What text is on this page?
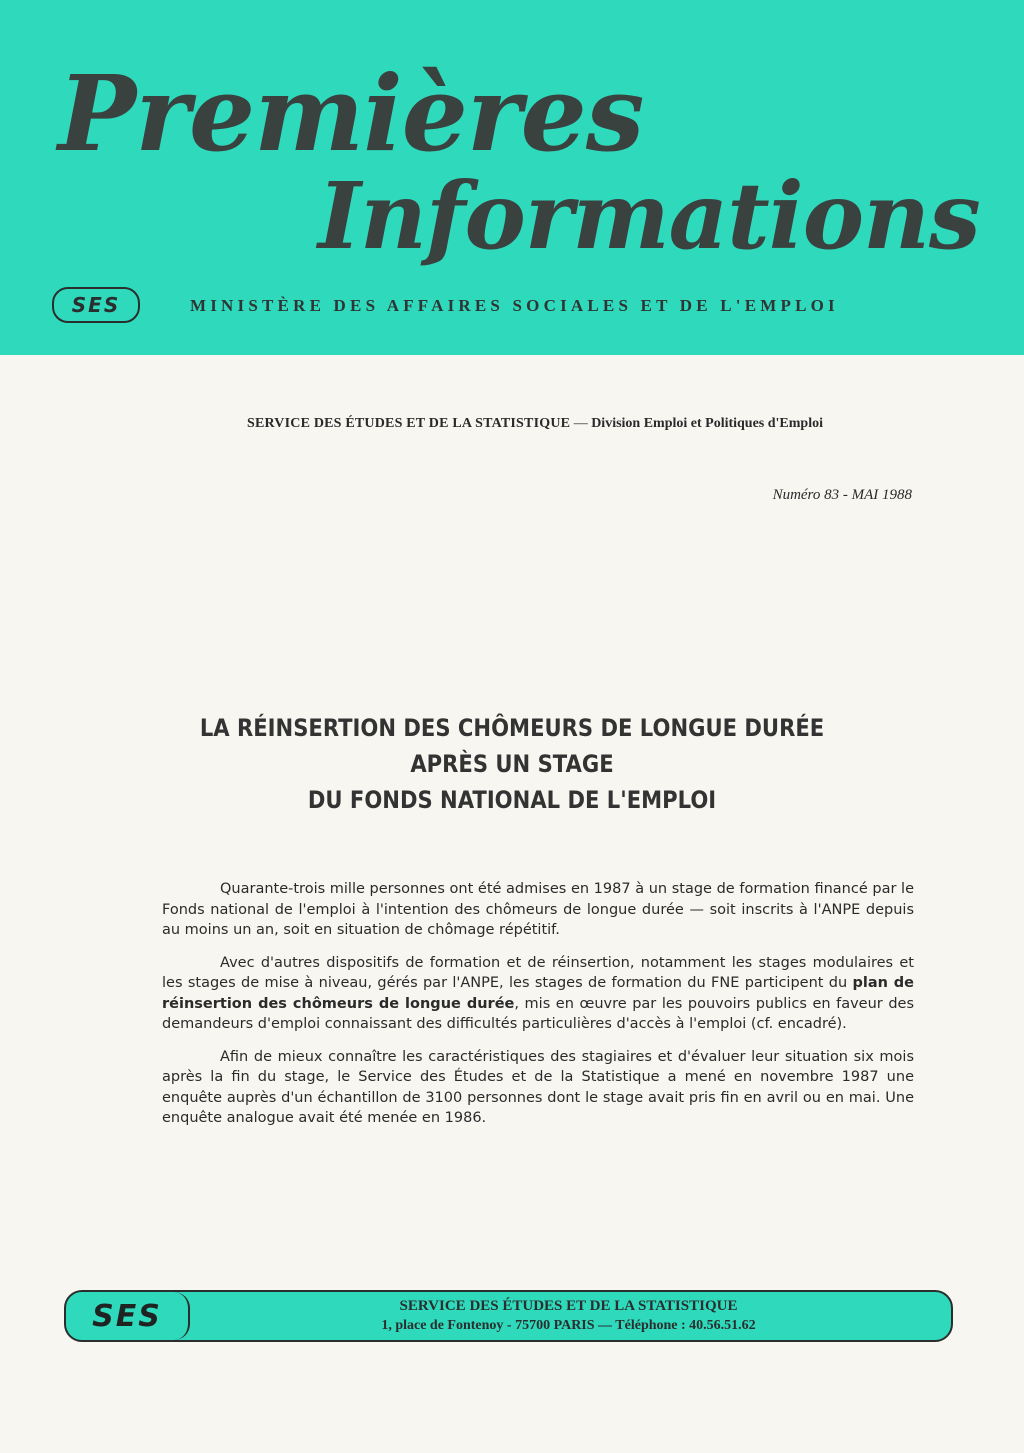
Premières
Informations
SES	MINISTÈRE DES AFFAIRES SOCIALES ET DE L'EMPLOI
SERVICE DES ÉTUDES ET DE LA STATISTIQUE — Division Emploi et Politiques d'Emploi
Numéro 83 - MAI 1988
LA RÉINSERTION DES CHÔMEURS DE LONGUE DURÉE
APRÈS UN STAGE
DU FONDS NATIONAL DE L'EMPLOI

Quarante-trois mille personnes ont été admises en 1987 à un stage de formation financé par le Fonds national de l'emploi à l'intention des chômeurs de longue durée — soit inscrits à l'ANPE depuis au moins un an, soit en situation de chômage répétitif.

Avec d'autres dispositifs de formation et de réinsertion, notamment les stages modulaires et les stages de mise à niveau, gérés par l'ANPE, les stages de formation du FNE participent du plan de réinsertion des chômeurs de longue durée, mis en œuvre par les pouvoirs publics en faveur des demandeurs d'emploi connaissant des difficultés particulières d'accès à l'emploi (cf. encadré).

Afin de mieux connaître les caractéristiques des stagiaires et d'évaluer leur situation six mois après la fin du stage, le Service des Études et de la Statistique a mené en novembre 1987 une enquête auprès d'un échantillon de 3100 personnes dont le stage avait pris fin en avril ou en mai. Une enquête analogue avait été menée en 1986.

SES	SERVICE DES ÉTUDES ET DE LA STATISTIQUE
1, place de Fontenoy - 75700 PARIS — Téléphone : 40.56.51.62
